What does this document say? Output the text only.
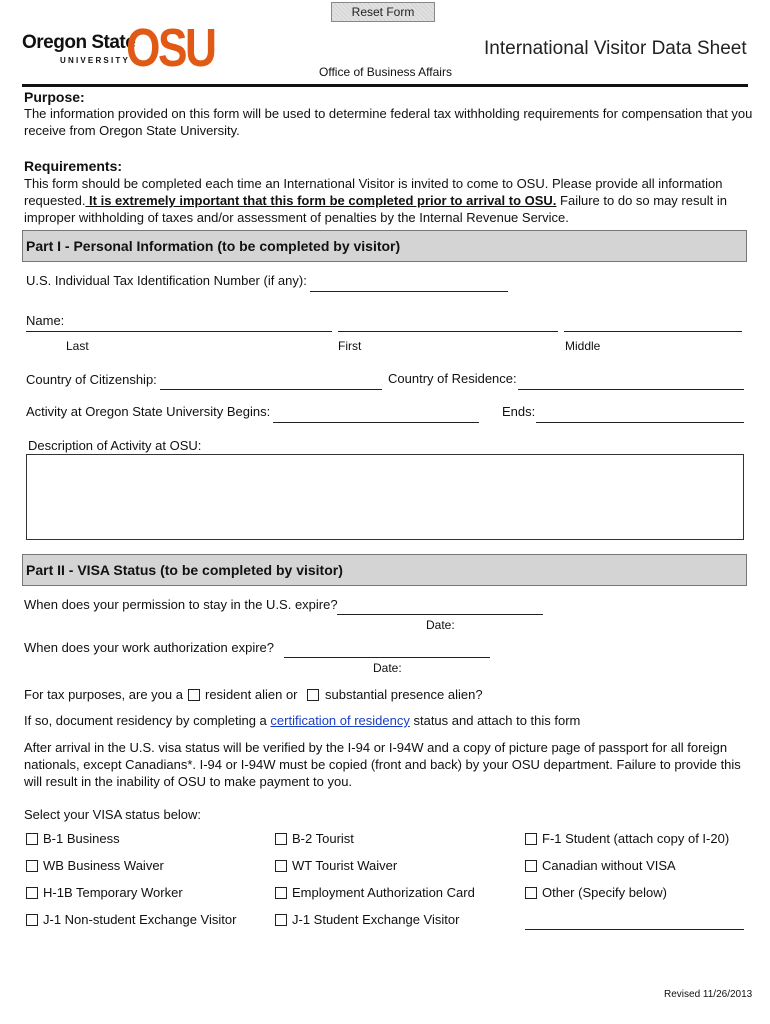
Reset Form
Oregon State
UNIVERSITY
OSU	International Visitor Data Sheet
Office of Business Affairs
Purpose:
The information provided on this form will be used to determine federal tax withholding requirements for compensation that you receive from Oregon State University.
Requirements:
This form should be completed each time an International Visitor is invited to come to OSU. Please provide all information requested. It is extremely important that this form be completed prior to arrival to OSU. Failure to do so may result in improper withholding of taxes and/or assessment of penalties by the Internal Revenue Service.
Part I - Personal Information (to be completed by visitor)
U.S. Individual Tax Identification Number (if any):
Name:
Last	First	Middle
Country of Citizenship:	Country of Residence:
Activity at Oregon State University Begins:	Ends:
Description of Activity at OSU:
Part II - VISA Status (to be completed by visitor)
When does your permission to stay in the U.S. expire?
Date:
When does your work authorization expire?
Date:
For tax purposes, are you a resident alien or substantial presence alien?
If so, document residency by completing a certification of residency status and attach to this form
After arrival in the U.S. visa status will be verified by the I-94 or I-94W and a copy of picture page of passport for all foreign nationals, except Canadians*. I-94 or I-94W must be copied (front and back) by your OSU department. Failure to provide this will result in the inability of OSU to make payment to you.
Select your VISA status below:
B-1 Business	B-2 Tourist	F-1 Student (attach copy of I-20)
WB Business Waiver	WT Tourist Waiver	Canadian without VISA
H-1B Temporary Worker	Employment Authorization Card	Other (Specify below)
J-1 Non-student Exchange Visitor	J-1 Student Exchange Visitor
Revised 11/26/2013
